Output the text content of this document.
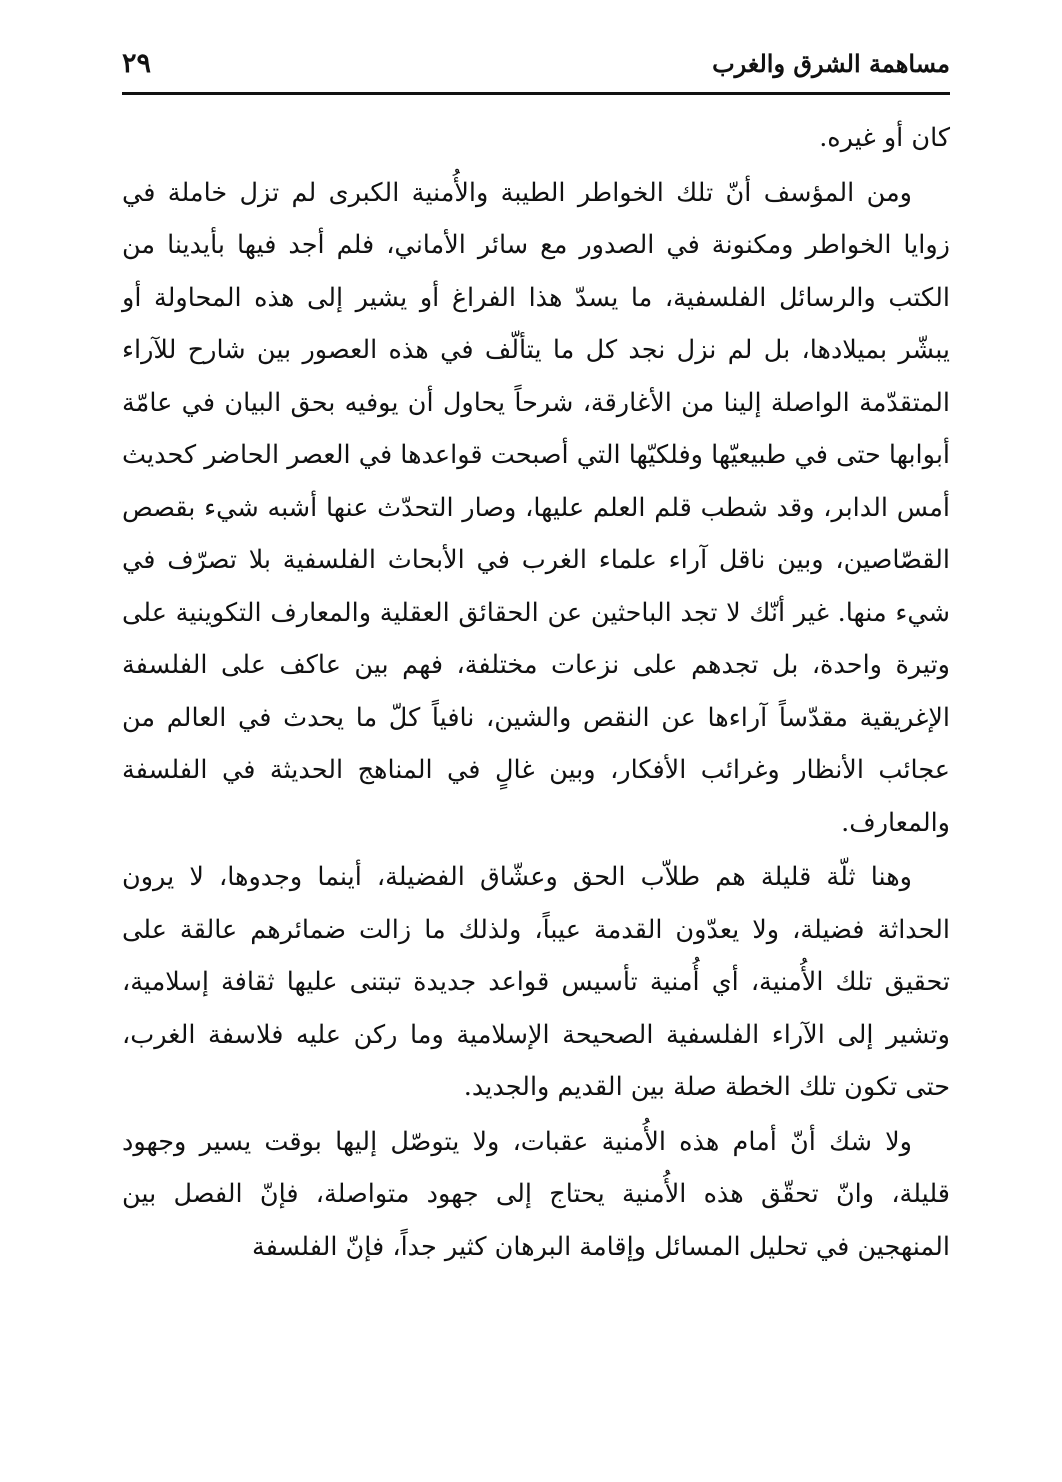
٢٩	مساهمة الشرق والغرب

كان أو غيره.

ومن المؤسف أنّ تلك الخواطر الطيبة والأُمنية الكبرى لم تزل خاملة في زوايا الخواطر ومكنونة في الصدور مع سائر الأماني، فلم أجد فيها بأيدينا من الكتب والرسائل الفلسفية، ما يسدّ هذا الفراغ أو يشير إلى هذه المحاولة أو يبشّر بميلادها، بل لم نزل نجد كل ما يتألّف في هذه العصور بين شارح للآراء المتقدّمة الواصلة إلينا من الأغارقة، شرحاً يحاول أن يوفيه بحق البيان في عامّة أبوابها حتى في طبيعيّها وفلكيّها التي أصبحت قواعدها في العصر الحاضر كحديث أمس الدابر، وقد شطب قلم العلم عليها، وصار التحدّث عنها أشبه شيء بقصص القصّاصين، وبين ناقل آراء علماء الغرب في الأبحاث الفلسفية بلا تصرّف في شيء منها. غير أنّك لا تجد الباحثين عن الحقائق العقلية والمعارف التكوينية على وتيرة واحدة، بل تجدهم على نزعات مختلفة، فهم بين عاكف على الفلسفة الإغريقية مقدّساً آراءها عن النقص والشين، نافياً كلّ ما يحدث في العالم من عجائب الأنظار وغرائب الأفكار، وبين غالٍ في المناهج الحديثة في الفلسفة والمعارف.

وهنا ثلّة قليلة هم طلاّب الحق وعشّاق الفضيلة، أينما وجدوها، لا يرون الحداثة فضيلة، ولا يعدّون القدمة عيباً، ولذلك ما زالت ضمائرهم عالقة على تحقيق تلك الأُمنية، أي أُمنية تأسيس قواعد جديدة تبتنى عليها ثقافة إسلامية، وتشير إلى الآراء الفلسفية الصحيحة الإسلامية وما ركن عليه فلاسفة الغرب، حتى تكون تلك الخطة صلة بين القديم والجديد.

ولا شك أنّ أمام هذه الأُمنية عقبات، ولا يتوصّل إليها بوقت يسير وجهود قليلة، وانّ تحقّق هذه الأُمنية يحتاج إلى جهود متواصلة، فإنّ الفصل بين المنهجين في تحليل المسائل وإقامة البرهان كثير جداً، فإنّ الفلسفة
